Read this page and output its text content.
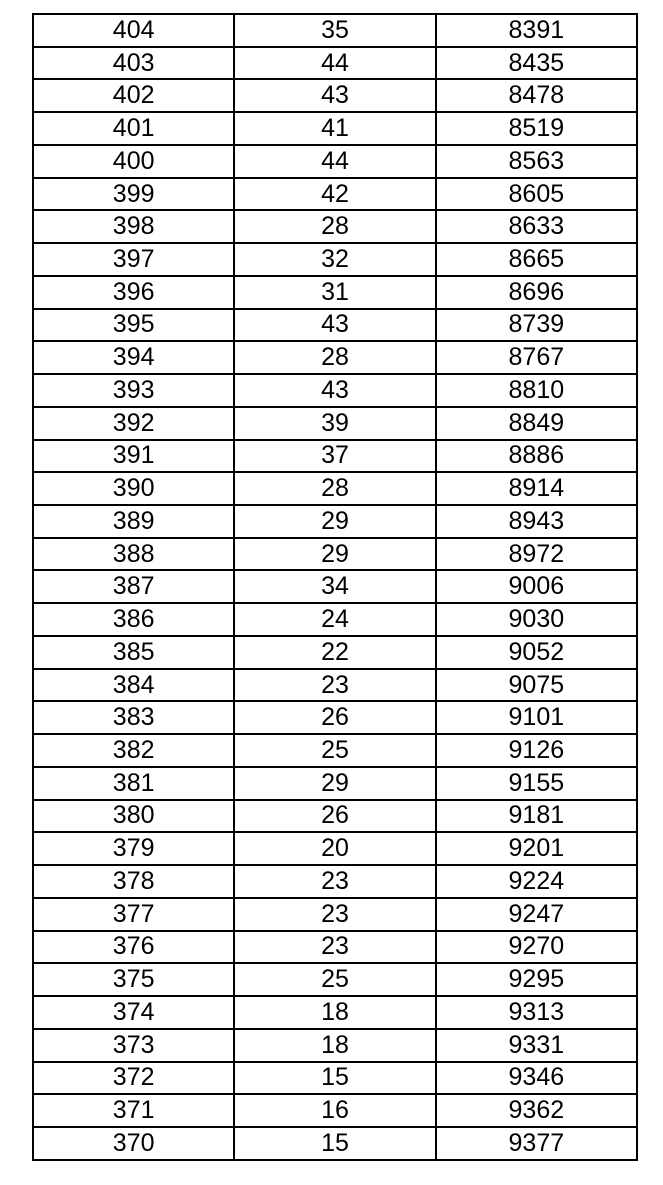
404	35	8391
403	44	8435
402	43	8478
401	41	8519
400	44	8563
399	42	8605
398	28	8633
397	32	8665
396	31	8696
395	43	8739
394	28	8767
393	43	8810
392	39	8849
391	37	8886
390	28	8914
389	29	8943
388	29	8972
387	34	9006
386	24	9030
385	22	9052
384	23	9075
383	26	9101
382	25	9126
381	29	9155
380	26	9181
379	20	9201
378	23	9224
377	23	9247
376	23	9270
375	25	9295
374	18	9313
373	18	9331
372	15	9346
371	16	9362
370	15	9377
